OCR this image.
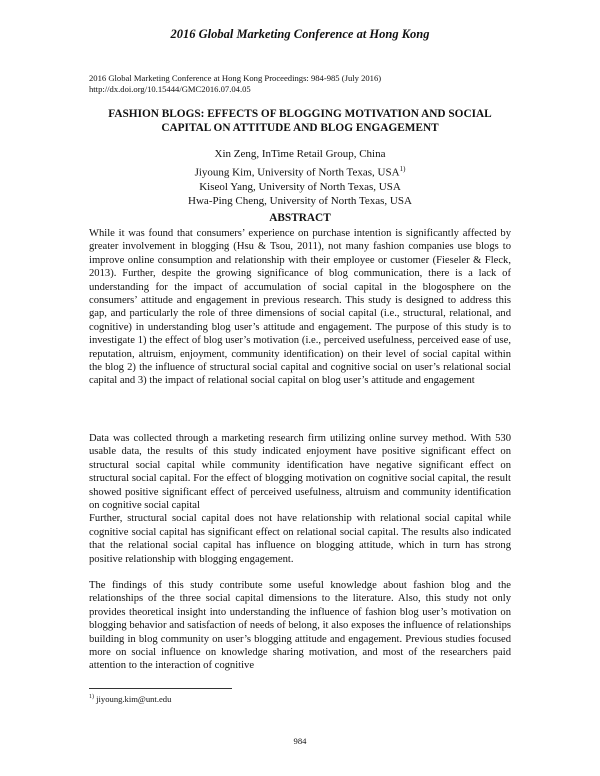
2016 Global Marketing Conference at Hong Kong
2016 Global Marketing Conference at Hong Kong Proceedings: 984-985 (July 2016)
http://dx.doi.org/10.15444/GMC2016.07.04.05
FASHION BLOGS: EFFECTS OF BLOGGING MOTIVATION AND SOCIAL
CAPITAL ON ATTITUDE AND BLOG ENGAGEMENT
Xin Zeng, InTime Retail Group, China
Jiyoung Kim, University of North Texas, USA$^{1)}$
Kiseol Yang, University of North Texas, USA
Hwa-Ping Cheng, University of North Texas, USA
ABSTRACT

While it was found that consumers’ experience on purchase intention is significantly affected by greater involvement in blogging (Hsu & Tsou, 2011), not many fashion companies use blogs to improve online consumption and relationship with their employee or customer (Fieseler & Fleck, 2013). Further, despite the growing significance of blog communication, there is a lack of understanding for the impact of accumulation of social capital in the blogosphere on the consumers’ attitude and engagement in previous research. This study is designed to address this gap, and particularly the role of three dimensions of social capital (i.e., structural, relational, and cognitive) in understanding blog user’s attitude and engagement. The purpose of this study is to investigate 1) the effect of blog user’s motivation (i.e., perceived usefulness, perceived ease of use, reputation, altruism, enjoyment, community identification) on their level of social capital within the blog 2) the influence of structural social capital and cognitive social on user’s relational social capital and 3) the impact of relational social capital on blog user’s attitude and engagement

Data was collected through a marketing research firm utilizing online survey method. With 530 usable data, the results of this study indicated enjoyment have positive significant effect on structural social capital while community identification have negative significant effect on structural social capital. For the effect of blogging motivation on cognitive social capital, the result showed positive significant effect of perceived usefulness, altruism and community identification on cognitive social capital

Further, structural social capital does not have relationship with relational social capital while cognitive social capital has significant effect on relational social capital. The results also indicated that the relational social capital has influence on blogging attitude, which in turn has strong positive relationship with blogging engagement.

The findings of this study contribute some useful knowledge about fashion blog and the relationships of the three social capital dimensions to the literature. Also, this study not only provides theoretical insight into understanding the influence of fashion blog user’s motivation on blogging behavior and satisfaction of needs of belong, it also exposes the influence of relationships building in blog community on user’s blogging attitude and engagement. Previous studies focused more on social influence on knowledge sharing motivation, and most of the researchers paid attention to the interaction of cognitive

$^{1)}$ jiyoung.kim@unt.edu
984
